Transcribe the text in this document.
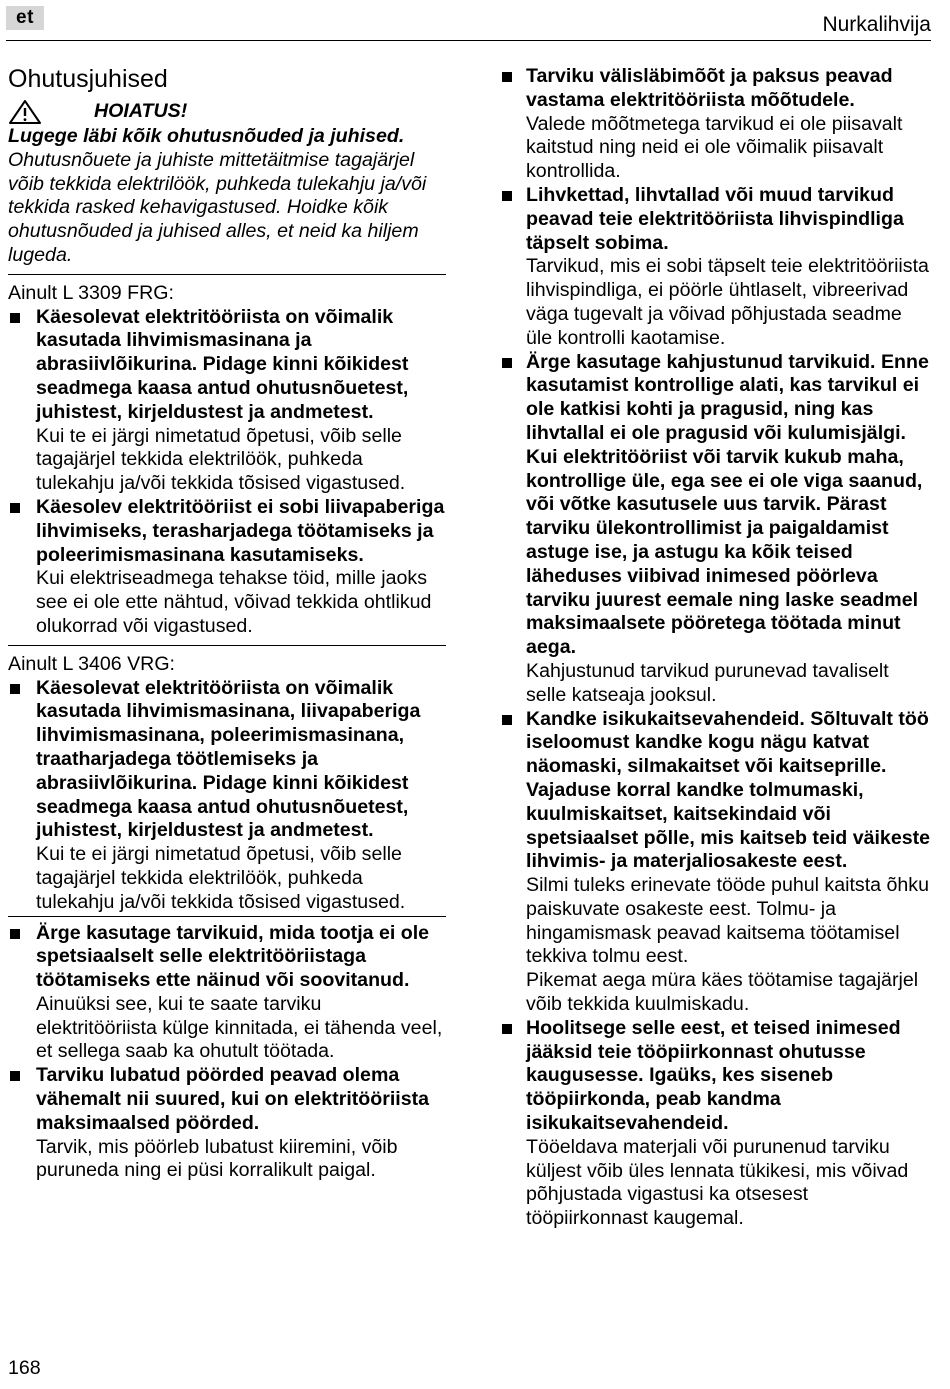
et	Nurkalihvija
Ohutusjuhised
HOIATUS!
Lugege läbi kõik ohutusnõuded ja juhised.
Ohutusnõuete ja juhiste mittetäitmise tagajärjel võib tekkida elektrilöök, puhkeda tulekahju ja/või tekkida rasked kehavigastused. Hoidke kõik ohutusnõuded ja juhised alles, et neid ka hiljem lugeda.
Ainult L 3309 FRG:
Käesolevat elektritööriista on võimalik kasutada lihvimismasinana ja abrasiivlõikurina. Pidage kinni kõikidest seadmega kaasa antud ohutusnõuetest, juhistest, kirjeldustest ja andmetest.
Kui te ei järgi nimetatud õpetusi, võib selle tagajärjel tekkida elektrilöök, puhkeda tulekahju ja/või tekkida tõsised vigastused.
Käesolev elektritööriist ei sobi liivapaberiga lihvimiseks, terasharjadega töötamiseks ja poleerimismasinana kasutamiseks.
Kui elektriseadmega tehakse töid, mille jaoks see ei ole ette nähtud, võivad tekkida ohtlikud olukorrad või vigastused.
Ainult L 3406 VRG:
Käesolevat elektritööriista on võimalik kasutada lihvimismasinana, liivapaberiga lihvimismasinana, poleerimismasinana, traatharjadega töötlemiseks ja abrasiivlõikurina. Pidage kinni kõikidest seadmega kaasa antud ohutusnõuetest, juhistest, kirjeldustest ja andmetest.
Kui te ei järgi nimetatud õpetusi, võib selle tagajärjel tekkida elektrilöök, puhkeda tulekahju ja/või tekkida tõsised vigastused.
Ärge kasutage tarvikuid, mida tootja ei ole spetsiaalselt selle elektritööriistaga töötamiseks ette näinud või soovitanud.
Ainuüksi see, kui te saate tarviku elektritööriista külge kinnitada, ei tähenda veel, et sellega saab ka ohutult töötada.
Tarviku lubatud pöörded peavad olema vähemalt nii suured, kui on elektritööriista maksimaalsed pöörded.
Tarvik, mis pöörleb lubatust kiiremini, võib puruneda ning ei püsi korralikult paigal.
Tarviku välisläbimõõt ja paksus peavad vastama elektritööriista mõõtudele.
Valede mõõtmetega tarvikud ei ole piisavalt kaitstud ning neid ei ole võimalik piisavalt kontrollida.
Lihvkettad, lihvtallad või muud tarvikud peavad teie elektritööriista lihvispindliga täpselt sobima.
Tarvikud, mis ei sobi täpselt teie elektritööriista lihvispindliga, ei pöörle ühtlaselt, vibreerivad väga tugevalt ja võivad põhjustada seadme üle kontrolli kaotamise.
Ärge kasutage kahjustunud tarvikuid. Enne kasutamist kontrollige alati, kas tarvikul ei ole katkisi kohti ja pragusid, ning kas lihvtallal ei ole pragusid või kulumisjälgi. Kui elektritööriist või tarvik kukub maha, kontrollige üle, ega see ei ole viga saanud, või võtke kasutusele uus tarvik. Pärast tarviku ülekontrollimist ja paigaldamist astuge ise, ja astugu ka kõik teised läheduses viibivad inimesed pöörleva tarviku juurest eemale ning laske seadmel maksimaalsete pööretega töötada minut aega.
Kahjustunud tarvikud purunevad tavaliselt selle katseaja jooksul.
Kandke isikukaitsevahendeid. Sõltuvalt töö iseloomust kandke kogu nägu katvat näomaski, silmakaitset või kaitseprille. Vajaduse korral kandke tolmumaski, kuulmiskaitset, kaitsekindaid või spetsiaalset põlle, mis kaitseb teid väikeste lihvimis- ja materjaliosakeste eest.
Silmi tuleks erinevate tööde puhul kaitsta õhku paiskuvate osakeste eest. Tolmu- ja hingamismask peavad kaitsema töötamisel tekkiva tolmu eest.
Pikemat aega müra käes töötamise tagajärjel võib tekkida kuulmiskadu.
Hoolitsege selle eest, et teised inimesed jääksid teie tööpiirkonnast ohutusse kaugusesse. Igaüks, kes siseneb tööpiirkonda, peab kandma isikukaitsevahendeid.
Tööeldava materjali või purunenud tarviku küljest võib üles lennata tükikesi, mis võivad põhjustada vigastusi ka otsesest tööpiirkonnast kaugemal.
168
